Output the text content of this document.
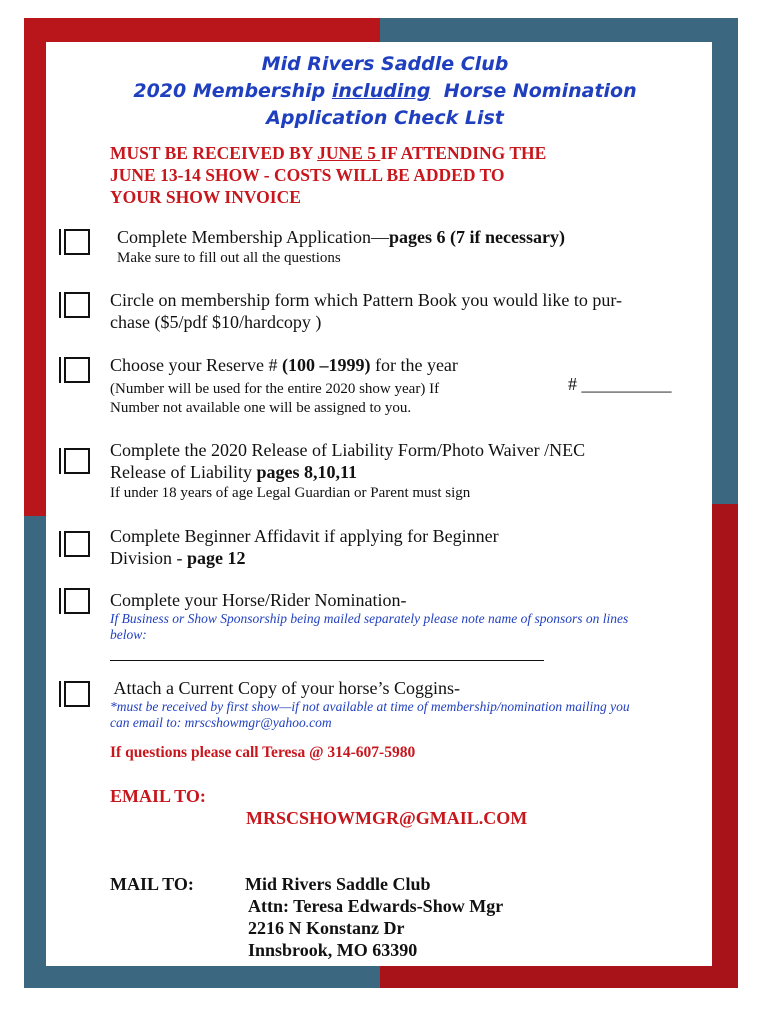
Mid Rivers Saddle Club
2020 Membership including  Horse Nomination
Application Check List
MUST BE RECEIVED BY JUNE 5 IF ATTENDING THE
JUNE 13-14 SHOW - COSTS WILL BE ADDED TO
YOUR SHOW INVOICE
Complete Membership Application—pages 6 (7 if necessary)
Make sure to fill out all the questions
Circle on membership form which Pattern Book you would like to pur-
chase ($5/pdf $10/hardcopy )
Choose your Reserve # (100 –1999) for the year
(Number will be used for the entire 2020 show year) If
Number not available one will be assigned to you.
# __________
Complete the 2020 Release of Liability Form/Photo Waiver /NEC
Release of Liability pages 8,10,11
If under 18 years of age Legal Guardian or Parent must sign
Complete Beginner Affidavit if applying for Beginner
Division - page 12
Complete your Horse/Rider Nomination-
If Business or Show Sponsorship being mailed separately please note name of sponsors on lines
below:
Attach a Current Copy of your horse’s Coggins-
*must be received by first show—if not available at time of membership/nomination mailing you
can email to: mrscshowmgr@yahoo.com
If questions please call Teresa @ 314-607-5980
EMAIL TO:
MRSCSHOWMGR@GMAIL.COM
MAIL TO:	Mid Rivers Saddle Club
Attn: Teresa Edwards-Show Mgr
2216 N Konstanz Dr
Innsbrook, MO 63390
